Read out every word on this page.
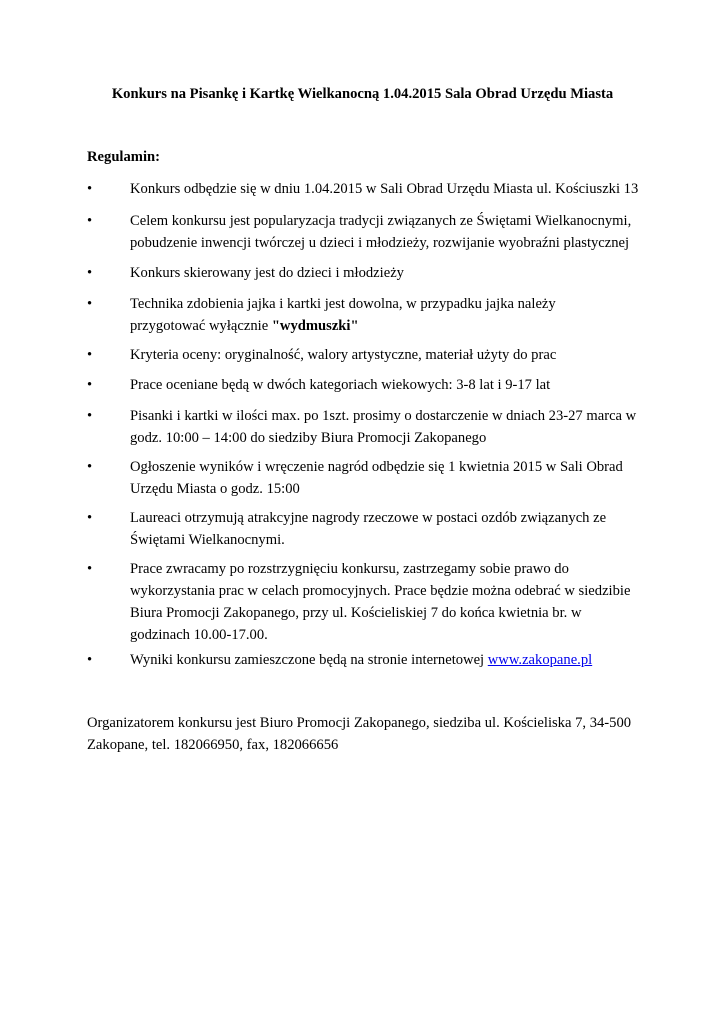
Konkurs na Pisankę i Kartkę Wielkanocną 1.04.2015 Sala Obrad Urzędu Miasta
Regulamin:
•	Konkurs odbędzie się w dniu 1.04.2015 w Sali Obrad Urzędu Miasta ul. Kościuszki 13
•	Celem konkursu jest popularyzacja tradycji związanych ze Świętami Wielkanocnymi,
pobudzenie inwencji twórczej u dzieci i młodzieży, rozwijanie wyobraźni plastycznej
•	Konkurs skierowany jest do dzieci i młodzieży
•	Technika zdobienia jajka i kartki jest dowolna, w przypadku jajka należy
przygotować wyłącznie "wydmuszki"
•	Kryteria oceny: oryginalność, walory artystyczne, materiał użyty do prac
•	Prace oceniane będą w dwóch kategoriach wiekowych: 3-8 lat i 9-17 lat
•	Pisanki i kartki w ilości max. po 1szt. prosimy o dostarczenie w dniach 23-27 marca w
godz. 10:00 – 14:00 do siedziby Biura Promocji Zakopanego
•	Ogłoszenie wyników i wręczenie nagród odbędzie się 1 kwietnia 2015 w Sali Obrad
Urzędu Miasta o godz. 15:00
•	Laureaci otrzymują atrakcyjne nagrody rzeczowe w postaci ozdób związanych ze
Świętami Wielkanocnymi.
•	Prace zwracamy po rozstrzygnięciu konkursu, zastrzegamy sobie prawo do
wykorzystania prac w celach promocyjnych. Prace będzie można odebrać w siedzibie
Biura Promocji Zakopanego, przy ul. Kościeliskiej 7 do końca kwietnia br. w
godzinach 10.00-17.00.
•	Wyniki konkursu zamieszczone będą na stronie internetowej www.zakopane.pl
Organizatorem konkursu jest Biuro Promocji Zakopanego, siedziba ul. Kościeliska 7, 34-500
Zakopane, tel. 182066950, fax, 182066656
